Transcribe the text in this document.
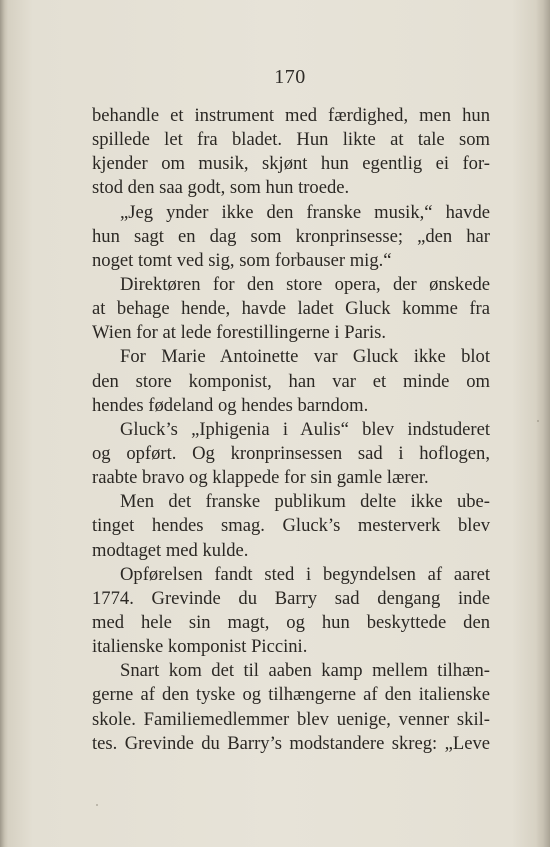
170
behandle et instrument med færdighed, men hun
spillede let fra bladet. Hun likte at tale som
kjender om musik, skjønt hun egentlig ei for-
stod den saa godt, som hun troede.
„Jeg ynder ikke den franske musik,“ havde
hun sagt en dag som kronprinsesse; „den har
noget tomt ved sig, som forbauser mig.“
Direktøren for den store opera, der ønskede
at behage hende, havde ladet Gluck komme fra
Wien for at lede forestillingerne i Paris.
For Marie Antoinette var Gluck ikke blot
den store komponist, han var et minde om
hendes fødeland og hendes barndom.
Gluck’s „Iphigenia i Aulis“ blev indstuderet
og opført. Og kronprinsessen sad i hoflogen,
raabte bravo og klappede for sin gamle lærer.
Men det franske publikum delte ikke ube-
tinget hendes smag. Gluck’s mesterverk blev
modtaget med kulde.
Opførelsen fandt sted i begyndelsen af aaret
1774. Grevinde du Barry sad dengang inde
med hele sin magt, og hun beskyttede den
italienske komponist Piccini.
Snart kom det til aaben kamp mellem tilhæn-
gerne af den tyske og tilhængerne af den italienske
skole. Familiemedlemmer blev uenige, venner skil-
tes. Grevinde du Barry’s modstandere skreg: „Leve
